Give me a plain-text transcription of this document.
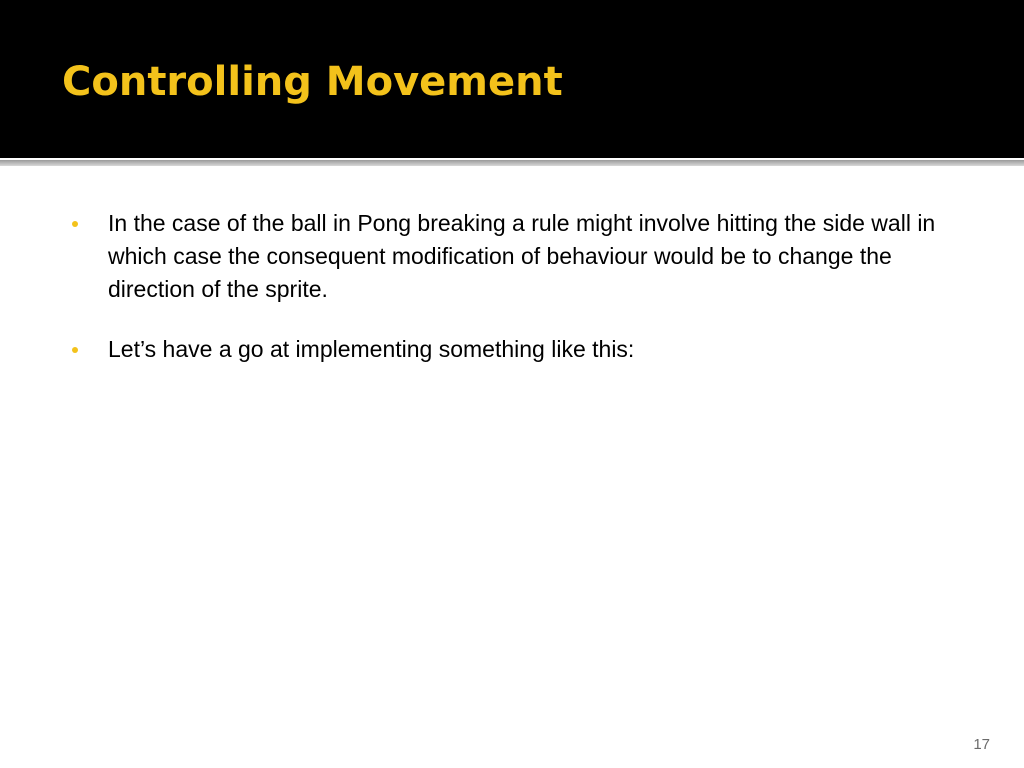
Controlling Movement
In the case of the ball in Pong breaking a rule might involve hitting the side wall in which case the consequent modification of behaviour would be to change the direction of the sprite.
Let’s have a go at implementing something like this:
17
